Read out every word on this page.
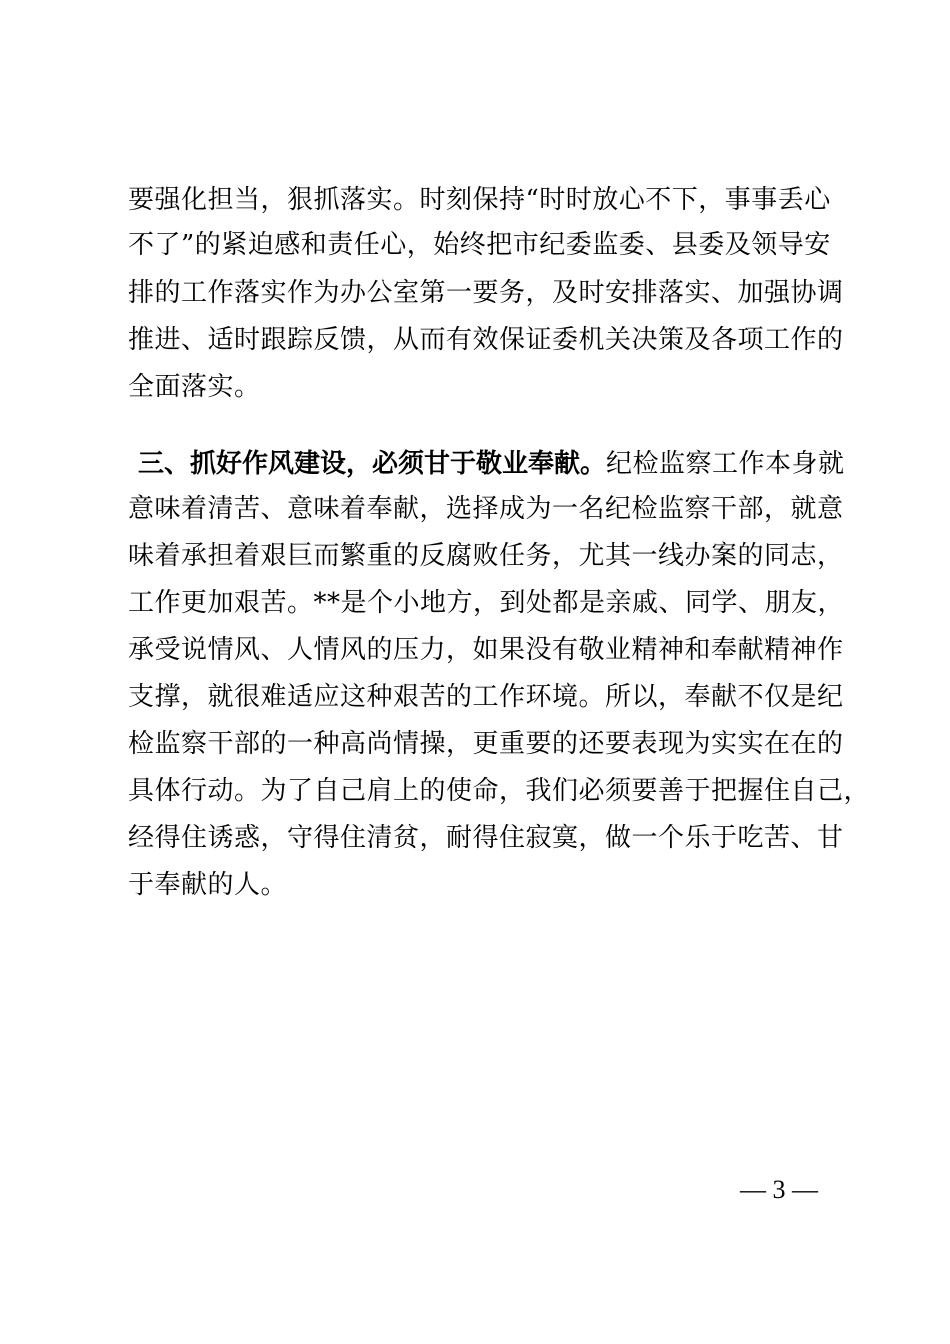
要强化担当，狠抓落实。时刻保持“时时放心不下，事事丢心
不了”的紧迫感和责任心，始终把市纪委监委、县委及领导安
排的工作落实作为办公室第一要务，及时安排落实、加强协调
推进、适时跟踪反馈，从而有效保证委机关决策及各项工作的
全面落实。
三、抓好作风建设，必须甘于敬业奉献。纪检监察工作本身就
意味着清苦、意味着奉献，选择成为一名纪检监察干部，就意
味着承担着艰巨而繁重的反腐败任务，尤其一线办案的同志，
工作更加艰苦。**是个小地方，到处都是亲戚、同学、朋友，
承受说情风、人情风的压力，如果没有敬业精神和奉献精神作
支撑，就很难适应这种艰苦的工作环境。所以，奉献不仅是纪
检监察干部的一种高尚情操，更重要的还要表现为实实在在的
具体行动。为了自己肩上的使命，我们必须要善于把握住自己，
经得住诱惑，守得住清贫，耐得住寂寞，做一个乐于吃苦、甘
于奉献的人。
— 3 —
